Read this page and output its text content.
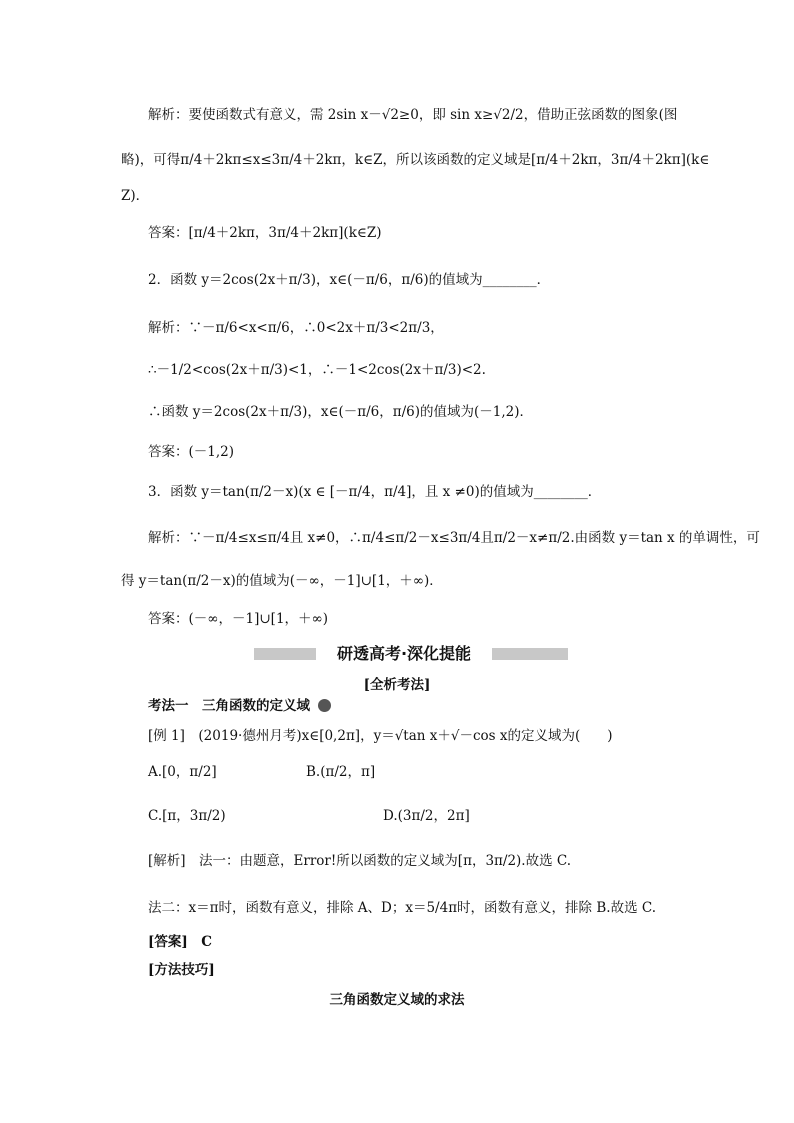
解析：要使函数式有意义，需 2sin x－√2≥0，即 sin x≥√2/2，借助正弦函数的图象(图
略)，可得π/4＋2kπ≤x≤3π/4＋2kπ，k∈Z，所以该函数的定义域是[π/4＋2kπ，3π/4＋2kπ](k∈
Z)．
答案：[π/4＋2kπ，3π/4＋2kπ](k∈Z)
2．函数 y＝2cos(2x＋π/3)，x∈(－π/6，π/6)的值域为________．
解析：∵－π/6<x<π/6，∴0<2x＋π/3<2π/3，
∴－1/2<cos(2x＋π/3)<1，∴－1<2cos(2x＋π/3)<2.
∴函数 y＝2cos(2x＋π/3)，x∈(－π/6，π/6)的值域为(－1,2)．
答案：(－1,2)
3．函数 y＝tan(π/2－x)(x ∈ [－π/4，π/4]，且 x ≠0)的值域为________．
解析：∵－π/4≤x≤π/4且 x≠0，∴π/4≤π/2－x≤3π/4且π/2－x≠π/2.由函数 y＝tan x 的单调性，可
得 y＝tan(π/2－x)的值域为(－∞，－1]∪[1，＋∞)．
答案：(－∞，－1]∪[1，＋∞)
研透高考·深化提能
[全析考法]
考法一　三角函数的定义域
[例 1]　(2019·德州月考)x∈[0,2π]，y＝√tan x＋√－cos x的定义域为(　　)
A.[0，π/2]	B.(π/2，π]
C.[π，3π/2)	D.(3π/2，2π]
[解析]　法一：由题意，Error!所以函数的定义域为[π，3π/2).故选 C.
法二：x＝π时，函数有意义，排除 A、D；x＝5/4π时，函数有意义，排除 B.故选 C.
[答案]　C
[方法技巧]
三角函数定义域的求法
